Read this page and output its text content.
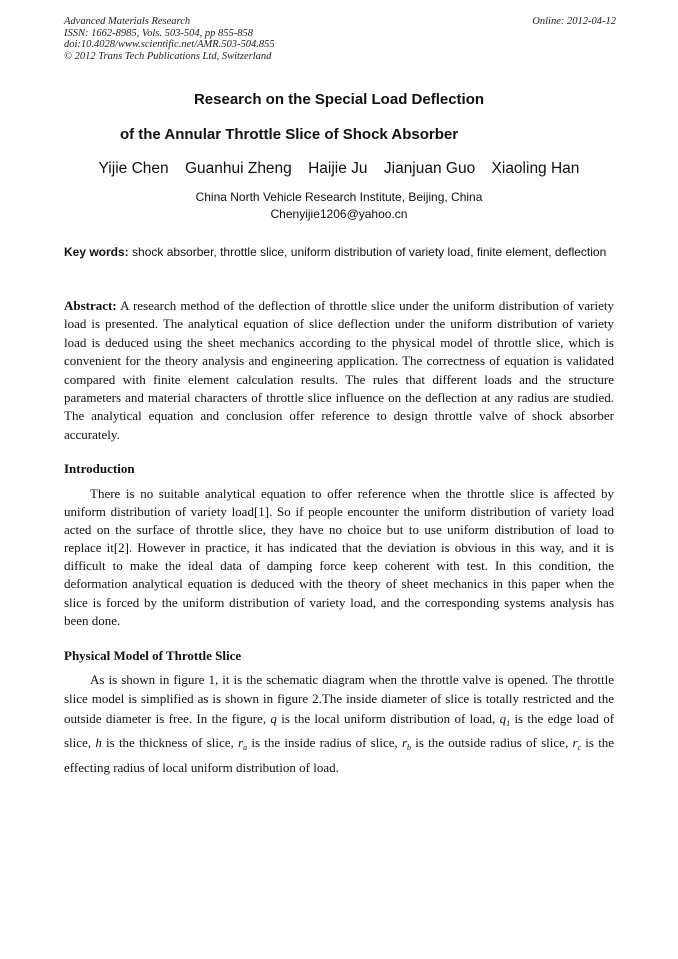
Advanced Materials Research
ISSN: 1662-8985, Vols. 503-504, pp 855-858
doi:10.4028/www.scientific.net/AMR.503-504.855
© 2012 Trans Tech Publications Ltd, Switzerland
Online: 2012-04-12
Research on the Special Load Deflection
of the Annular Throttle Slice of Shock Absorber
Yijie Chen Guanhui Zheng Haijie Ju Jianjuan Guo Xiaoling Han
China North Vehicle Research Institute, Beijing, China
Chenyijie1206@yahoo.cn
Key words: shock absorber, throttle slice, uniform distribution of variety load, finite element, deflection
Abstract: A research method of the deflection of throttle slice under the uniform distribution of variety load is presented. The analytical equation of slice deflection under the uniform distribution of variety load is deduced using the sheet mechanics according to the physical model of throttle slice, which is convenient for the theory analysis and engineering application. The correctness of equation is validated compared with finite element calculation results. The rules that different loads and the structure parameters and material characters of throttle slice influence on the deflection at any radius are studied. The analytical equation and conclusion offer reference to design throttle valve of shock absorber accurately.
Introduction
There is no suitable analytical equation to offer reference when the throttle slice is affected by uniform distribution of variety load[1]. So if people encounter the uniform distribution of variety load acted on the surface of throttle slice, they have no choice but to use uniform distribution of load to replace it[2]. However in practice, it has indicated that the deviation is obvious in this way, and it is difficult to make the ideal data of damping force keep coherent with test. In this condition, the deformation analytical equation is deduced with the theory of sheet mechanics in this paper when the slice is forced by the uniform distribution of variety load, and the corresponding systems analysis has been done.
Physical Model of Throttle Slice
As is shown in figure 1, it is the schematic diagram when the throttle valve is opened. The throttle slice model is simplified as is shown in figure 2.The inside diameter of slice is totally restricted and the outside diameter is free. In the figure, q is the local uniform distribution of load, $q_1$ is the edge load of slice, h is the thickness of slice, $r_a$ is the inside radius of slice, $r_b$ is the outside radius of slice, $r_c$ is the effecting radius of local uniform distribution of load.
